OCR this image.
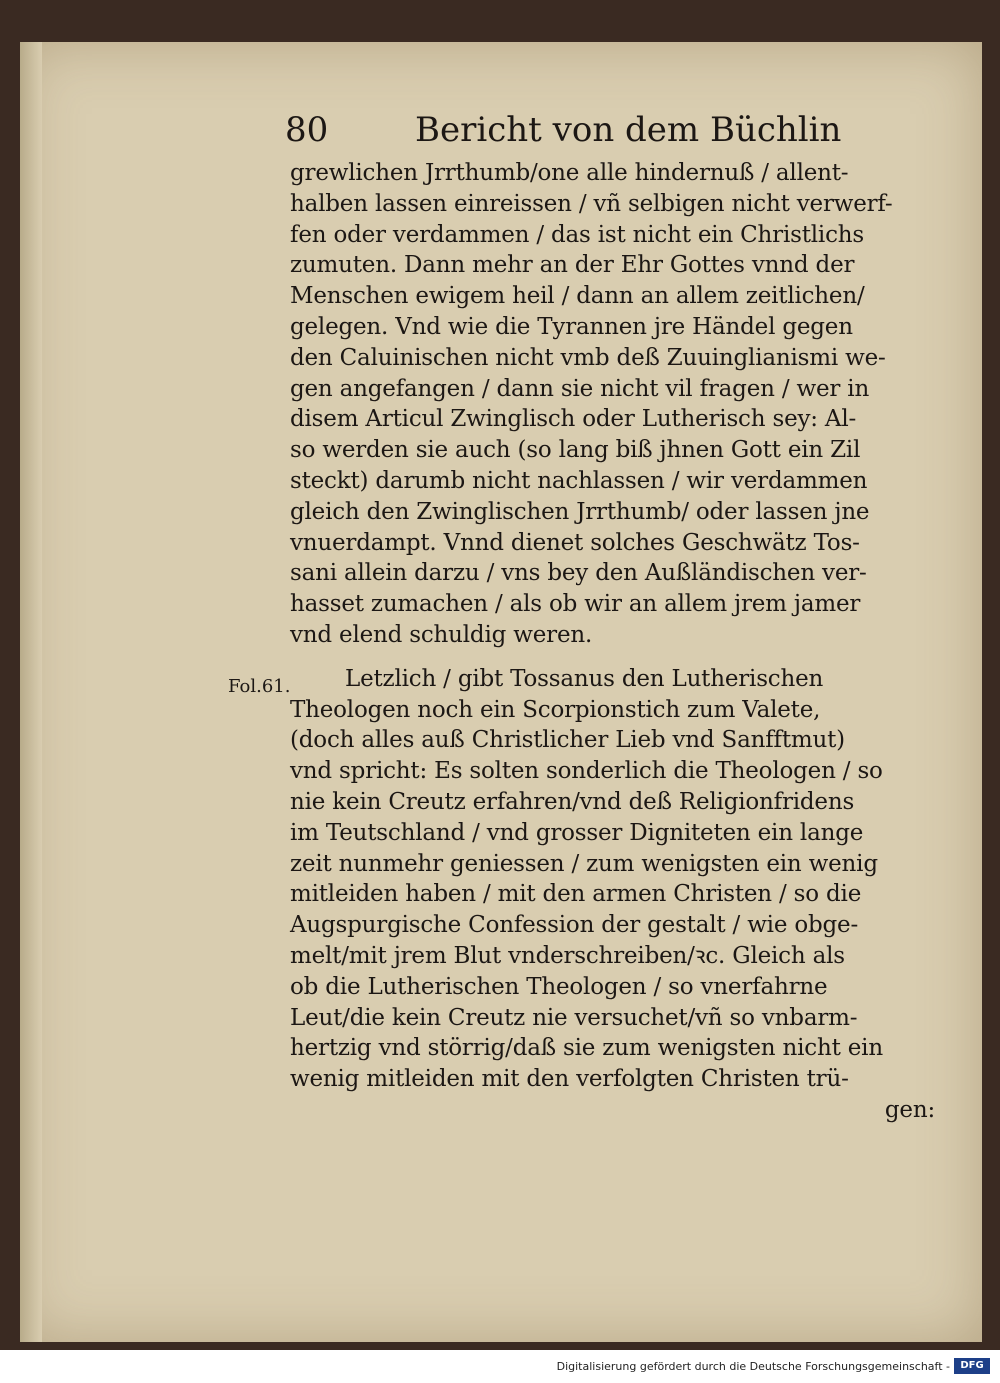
80	Bericht von dem Büchlin
Fol.61.
grewlichen Jrrthumb/one alle hindernuß / allent-
halben lassen einreissen / vñ selbigen nicht verwerf-
fen oder verdammen / das ist nicht ein Christlichs
zumuten. Dann mehr an der Ehr Gottes vnnd der
Menschen ewigem heil / dann an allem zeitlichen/
gelegen. Vnd wie die Tyrannen jre Händel gegen
den Caluinischen nicht vmb deß Zuuinglianismi we-
gen angefangen / dann sie nicht vil fragen / wer in
disem Articul Zwinglisch oder Lutherisch sey: Al-
so werden sie auch (so lang biß jhnen Gott ein Zil
steckt) darumb nicht nachlassen / wir verdammen
gleich den Zwinglischen Jrrthumb/ oder lassen jne
vnuerdampt. Vnnd dienet solches Geschwätz Tos-
sani allein darzu / vns bey den Außländischen ver-
hasset zumachen / als ob wir an allem jrem jamer
vnd elend schuldig weren.
Letzlich / gibt Tossanus den Lutherischen
Theologen noch ein Scorpionstich zum Valete,
(doch alles auß Christlicher Lieb vnd Sanfftmut)
vnd spricht: Es solten sonderlich die Theologen / so
nie kein Creutz erfahren/vnd deß Religionfridens
im Teutschland / vnd grosser Digniteten ein lange
zeit nunmehr geniessen / zum wenigsten ein wenig
mitleiden haben / mit den armen Christen / so die
Augspurgische Confession der gestalt / wie obge-
melt/mit jrem Blut vnderschreiben/ꝛc. Gleich als
ob die Lutherischen Theologen / so vnerfahrne
Leut/die kein Creutz nie versuchet/vñ so vnbarm-
hertzig vnd störrig/daß sie zum wenigsten nicht ein
wenig mitleiden mit den verfolgten Christen trü-
gen:
Digitalisierung gefördert durch die Deutsche Forschungsgemeinschaft -	DFG
